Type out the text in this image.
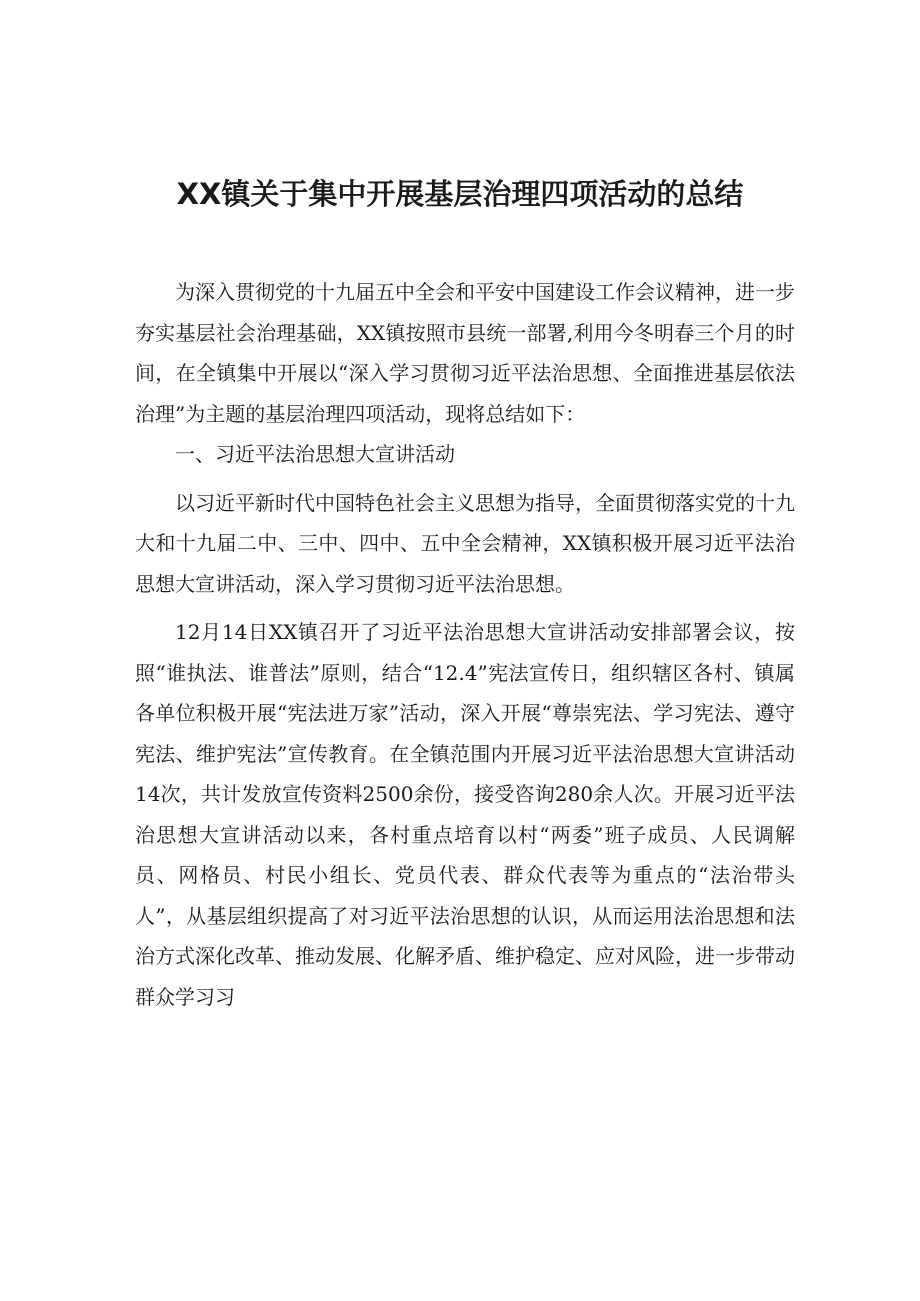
XX镇关于集中开展基层治理四项活动的总结

为深入贯彻党的十九届五中全会和平安中国建设工作会议精神，进一步夯实基层社会治理基础，XX镇按照市县统一部署,利用今冬明春三个月的时间，在全镇集中开展以“深入学习贯彻习近平法治思想、全面推进基层依法治理”为主题的基层治理四项活动，现将总结如下：

一、习近平法治思想大宣讲活动

以习近平新时代中国特色社会主义思想为指导，全面贯彻落实党的十九大和十九届二中、三中、四中、五中全会精神，XX镇积极开展习近平法治思想大宣讲活动，深入学习贯彻习近平法治思想。

12月14日XX镇召开了习近平法治思想大宣讲活动安排部署会议，按照“谁执法、谁普法”原则，结合“12.4”宪法宣传日，组织辖区各村、镇属各单位积极开展“宪法进万家”活动，深入开展“尊崇宪法、学习宪法、遵守宪法、维护宪法”宣传教育。在全镇范围内开展习近平法治思想大宣讲活动14次，共计发放宣传资料2500余份，接受咨询280余人次。开展习近平法治思想大宣讲活动以来，各村重点培育以村“两委”班子成员、人民调解员、网格员、村民小组长、党员代表、群众代表等为重点的“法治带头人”，从基层组织提高了对习近平法治思想的认识，从而运用法治思想和法治方式深化改革、推动发展、化解矛盾、维护稳定、应对风险，进一步带动群众学习习
